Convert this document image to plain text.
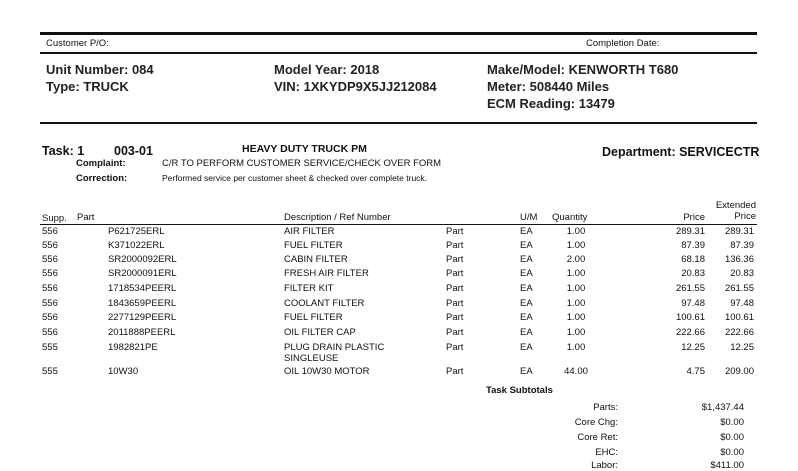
Customer P/O:	Completion Date:
Unit Number: 084
Type: TRUCK
Model Year: 2018
VIN: 1XKYDP9X5JJ212084
Make/Model: KENWORTH T680
Meter: 508440 Miles
ECM Reading: 13479
Task: 1 003-01	HEAVY DUTY TRUCK PM	Department: SERVICECTR
Complaint:	C/R TO PERFORM CUSTOMER SERVICE/CHECK OVER FORM
Correction:	Performed service per customer sheet & checked over complete truck.
Supp. Part	Description / Ref Number	U/M Quantity	Price
Extended
Price
556	P621725ERL	AIR FILTER	Part	EA	1.00	289.31	289.31
556	K371022ERL	FUEL FILTER	Part	EA	1.00	87.39	87.39
556	SR2000092ERL	CABIN FILTER	Part	EA	2.00	68.18	136.36
556	SR2000091ERL	FRESH AIR FILTER	Part	EA	1.00	20.83	20.83
556	1718534PEERL	FILTER KIT	Part	EA	1.00	261.55	261.55
556	1843659PEERL	COOLANT FILTER	Part	EA	1.00	97.48	97.48
556	2277129PEERL	FUEL FILTER	Part	EA	1.00	100.61	100.61
556	2011888PEERL	OIL FILTER CAP	Part	EA	1.00	222.66	222.66
555	1982821PE	PLUG DRAIN PLASTIC	Part	EA	1.00	12.25	12.25
SINGLEUSE
555	10W30	OIL 10W30 MOTOR	Part	EA	44.00	4.75	209.00
Task Subtotals
Parts:	$1,437.44
Core Chg:	$0.00
Core Ret:	$0.00
EHC:	$0.00
Labor:	$411.00
